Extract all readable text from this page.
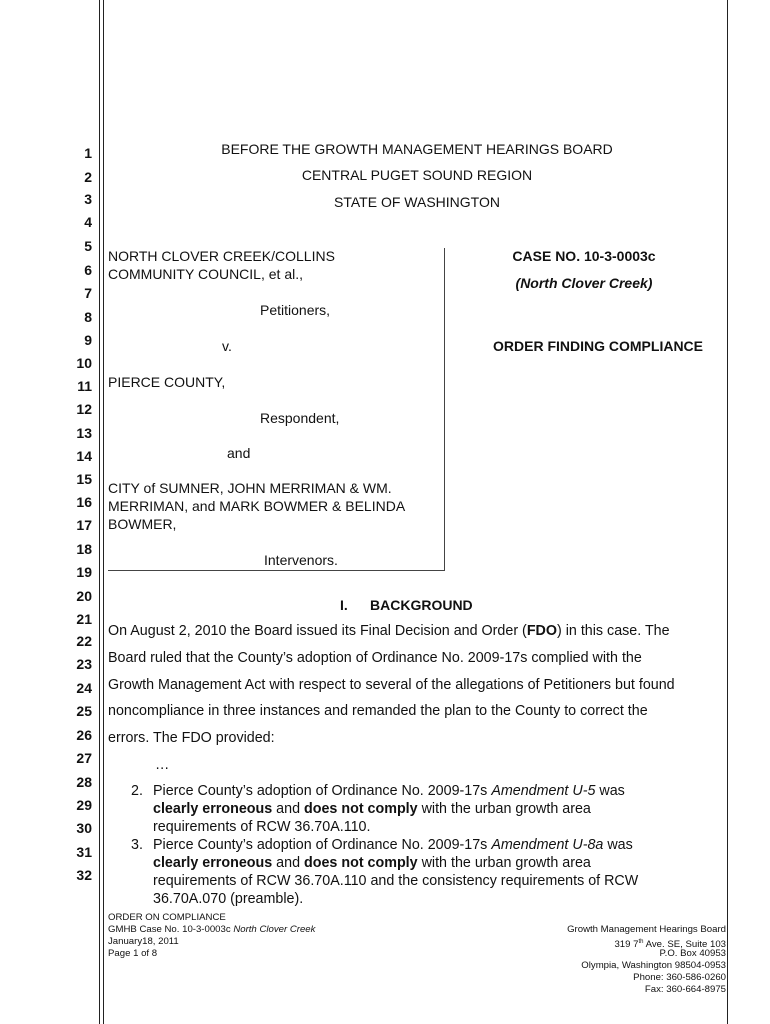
1
2
3
4
5
6
7
8
9
10
11
12
13
14
15
16
17
18
19
20
21
22
23
24
25
26
27
28
29
30
31
32
BEFORE THE GROWTH MANAGEMENT HEARINGS BOARD
CENTRAL PUGET SOUND REGION
STATE OF WASHINGTON
NORTH CLOVER CREEK/COLLINS
COMMUNITY COUNCIL, et al.,
Petitioners,
v.
PIERCE COUNTY,
Respondent,
and
CITY of SUMNER, JOHN MERRIMAN & WM.
MERRIMAN, and MARK BOWMER & BELINDA
BOWMER,
Intervenors.
CASE NO. 10-3-0003c
(North Clover Creek)
ORDER FINDING COMPLIANCE
I. BACKGROUND
On August 2, 2010 the Board issued its Final Decision and Order (FDO) in this case. The
Board ruled that the County’s adoption of Ordinance No. 2009-17s complied with the
Growth Management Act with respect to several of the allegations of Petitioners but found
noncompliance in three instances and remanded the plan to the County to correct the
errors. The FDO provided:
…
2. Pierce County’s adoption of Ordinance No. 2009-17s Amendment U-5 was
clearly erroneous and does not comply with the urban growth area
requirements of RCW 36.70A.110.
3. Pierce County’s adoption of Ordinance No. 2009-17s Amendment U-8a was
clearly erroneous and does not comply with the urban growth area
requirements of RCW 36.70A.110 and the consistency requirements of RCW
36.70A.070 (preamble).
ORDER ON COMPLIANCE
GMHB Case No. 10-3-0003c North Clover Creek
January18, 2011
Page 1 of 8
Growth Management Hearings Board
319 7th Ave. SE, Suite 103
P.O. Box 40953
Olympia, Washington 98504-0953
Phone: 360-586-0260
Fax: 360-664-8975
